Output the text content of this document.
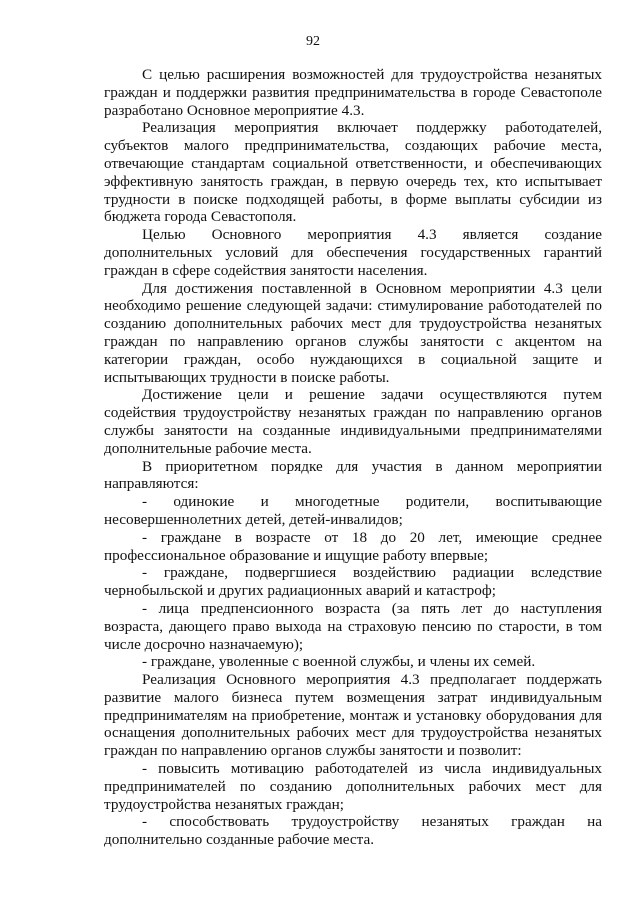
92

С целью расширения возможностей для трудоустройства незанятых граждан и поддержки развития предпринимательства в городе Севастополе разработано Основное мероприятие 4.3.

Реализация мероприятия включает поддержку работодателей, субъектов малого предпринимательства, создающих рабочие места, отвечающие стандартам социальной ответственности, и обеспечивающих эффективную занятость граждан, в первую очередь тех, кто испытывает трудности в поиске подходящей работы, в форме выплаты субсидии из бюджета города Севастополя.

Целью Основного мероприятия 4.3 является создание дополнительных условий для обеспечения государственных гарантий граждан в сфере содействия занятости населения.

Для достижения поставленной в Основном мероприятии 4.3 цели необходимо решение следующей задачи: стимулирование работодателей по созданию дополнительных рабочих мест для трудоустройства незанятых граждан по направлению органов службы занятости с акцентом на категории граждан, особо нуждающихся в социальной защите и испытывающих трудности в поиске работы.

Достижение цели и решение задачи осуществляются путем содействия трудоустройству незанятых граждан по направлению органов службы занятости на созданные индивидуальными предпринимателями дополнительные рабочие места.

В приоритетном порядке для участия в данном мероприятии направляются:

- одинокие и многодетные родители, воспитывающие несовершеннолетних детей, детей-инвалидов;

- граждане в возрасте от 18 до 20 лет, имеющие среднее профессиональное образование и ищущие работу впервые;

- граждане, подвергшиеся воздействию радиации вследствие чернобыльской и других радиационных аварий и катастроф;

- лица предпенсионного возраста (за пять лет до наступления возраста, дающего право выхода на страховую пенсию по старости, в том числе досрочно назначаемую);

- граждане, уволенные с военной службы, и члены их семей.

Реализация Основного мероприятия 4.3 предполагает поддержать развитие малого бизнеса путем возмещения затрат индивидуальным предпринимателям на приобретение, монтаж и установку оборудования для оснащения дополнительных рабочих мест для трудоустройства незанятых граждан по направлению органов службы занятости и позволит:

- повысить мотивацию работодателей из числа индивидуальных предпринимателей по созданию дополнительных рабочих мест для трудоустройства незанятых граждан;

- способствовать трудоустройству незанятых граждан на дополнительно созданные рабочие места.
